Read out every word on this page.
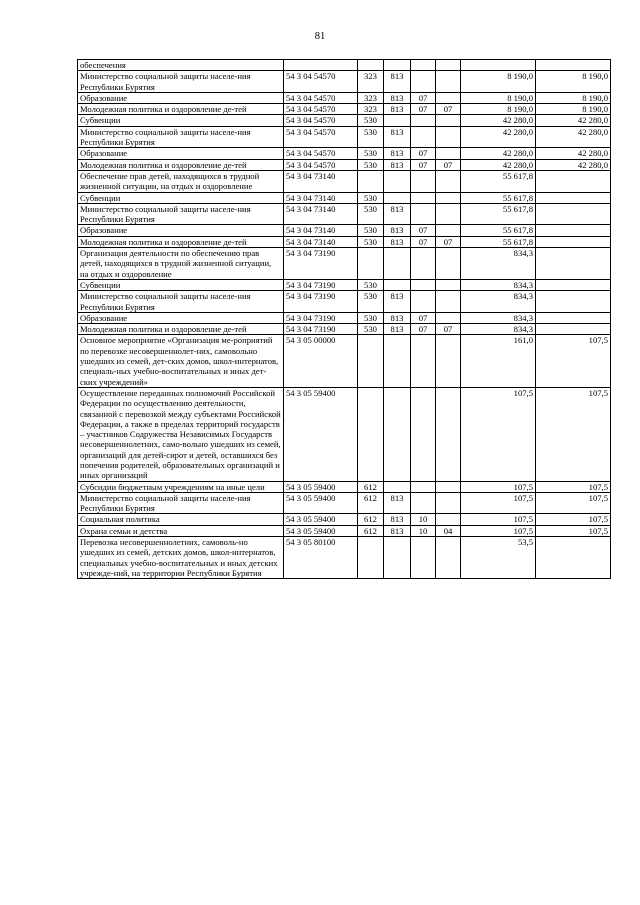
81
обеспечения							
Министерство социальной защиты населе-ния Республики Бурятия	54 3 04 54570	323	813			8 190,0	8 190,0
Образование	54 3 04 54570	323	813	07		8 190,0	8 190,0
Молодежная политика и оздоровление де-тей	54 3 04 54570	323	813	07	07	8 190,0	8 190,0
Субвенции	54 3 04 54570	530				42 280,0	42 280,0
Министерство социальной защиты населе-ния Республики Бурятия	54 3 04 54570	530	813			42 280,0	42 280,0
Образование	54 3 04 54570	530	813	07		42 280,0	42 280,0
Молодежная политика и оздоровление де-тей	54 3 04 54570	530	813	07	07	42 280,0	42 280,0
Обеспечение прав детей, находящихся в трудной жизненной ситуации, на отдых и оздоровление	54 3 04 73140					55 617,8	
Субвенции	54 3 04 73140	530				55 617,8	
Министерство социальной защиты населе-ния Республики Бурятия	54 3 04 73140	530	813			55 617,8	
Образование	54 3 04 73140	530	813	07		55 617,8	
Молодежная политика и оздоровление де-тей	54 3 04 73140	530	813	07	07	55 617,8	
Организация деятельности по обеспечению прав детей, находящихся в трудной жизненной ситуации, на отдых и оздоровление	54 3 04 73190					834,3	
Субвенции	54 3 04 73190	530				834,3	
Министерство социальной защиты населе-ния Республики Бурятия	54 3 04 73190	530	813			834,3	
Образование	54 3 04 73190	530	813	07		834,3	
Молодежная политика и оздоровление де-тей	54 3 04 73190	530	813	07	07	834,3	
Основное мероприятие «Организация ме-роприятий по перевозке несовершеннолет-них, самовольно ушедших из семей, дет-ских домов, школ-интернатов, специаль-ных учебно-воспитательных и иных дет-ских учреждений»	54 3 05 00000					161,0	107,5
Осуществление переданных полномочий Российской Федерации по осуществлению деятельности, связанной с перевозкой между субъектами Российской Федерации, а также в пределах территорий государств – участников Содружества Независимых Государств несовершеннолетних, само-вольно ушедших из семей, организаций для детей-сирот и детей, оставшихся без попечения родителей, образовательных организаций и иных организаций	54 3 05 59400					107,5	107,5
Субсидии бюджетным учреждениям на иные цели	54 3 05 59400	612				107,5	107,5
Министерство социальной защиты населе-ния Республики Бурятия	54 3 05 59400	612	813			107,5	107,5
Социальная политика	54 3 05 59400	612	813	10		107,5	107,5
Охрана семьи и детства	54 3 05 59400	612	813	10	04	107,5	107,5
Перевозка несовершеннолетних, самоволь-но ушедших из семей, детских домов, школ-интернатов, специальных учебно-воспитательных и иных детских учрежде-ний, на территории Республики Бурятия	54 3 05 80100					53,5	
